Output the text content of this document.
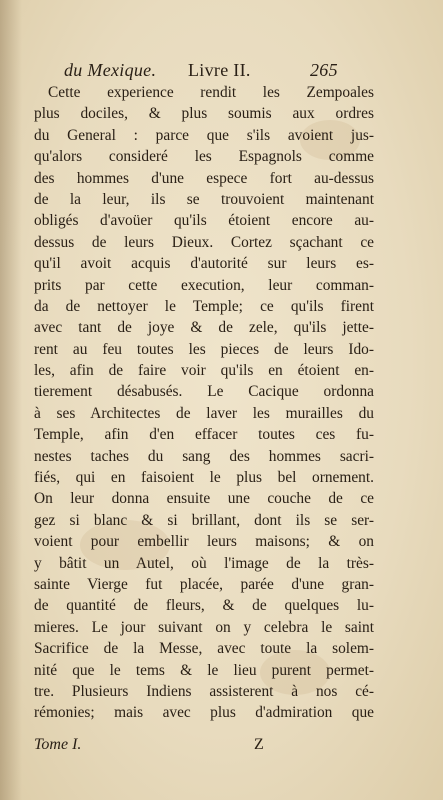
du Mexique. Livre II.	265
Cette experience rendit les Zempoales
plus dociles, & plus soumis aux ordres
du General : parce que s'ils avoient jus-
qu'alors consideré les Espagnols comme
des hommes d'une espece fort au-dessus
de la leur, ils se trouvoient maintenant
obligés d'avoüer qu'ils étoient encore au-
dessus de leurs Dieux. Cortez sçachant ce
qu'il avoit acquis d'autorité sur leurs es-
prits par cette execution, leur comman-
da de nettoyer le Temple; ce qu'ils firent
avec tant de joye & de zele, qu'ils jette-
rent au feu toutes les pieces de leurs Ido-
les, afin de faire voir qu'ils en étoient en-
tierement désabusés. Le Cacique ordonna
à ses Architectes de laver les murailles du
Temple, afin d'en effacer toutes ces fu-
nestes taches du sang des hommes sacri-
fiés, qui en faisoient le plus bel ornement.
On leur donna ensuite une couche de ce
gez si blanc & si brillant, dont ils se ser-
voient pour embellir leurs maisons; & on
y bâtit un Autel, où l'image de la très-
sainte Vierge fut placée, parée d'une gran-
de quantité de fleurs, & de quelques lu-
mieres. Le jour suivant on y celebra le saint
Sacrifice de la Messe, avec toute la solem-
nité que le tems & le lieu purent permet-
tre. Plusieurs Indiens assisterent à nos cé-
rémonies; mais avec plus d'admiration que
Tome I.	Z
